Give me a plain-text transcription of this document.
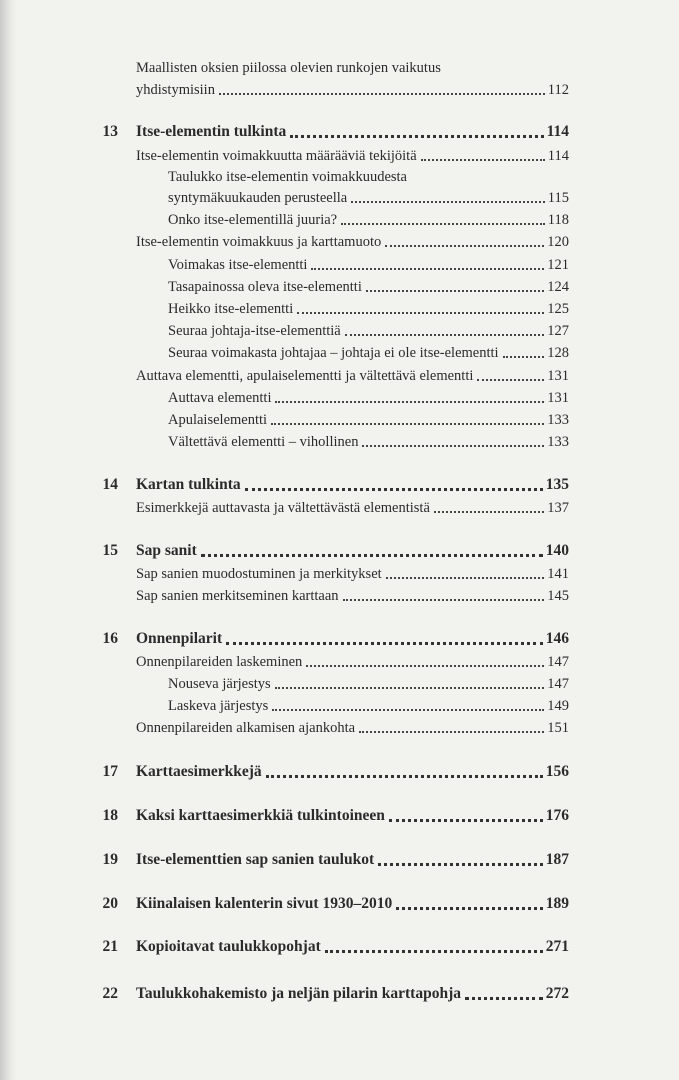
Maallisten oksien piilossa olevien runkojen vaikutus
yhdistymisiin	112
13 Itse-elementin tulkinta	114
Itse-elementin voimakkuutta määrääviä tekijöitä	114
Taulukko itse-elementin voimakkuudesta
syntymäkuukauden perusteella	115
Onko itse-elementillä juuria?	118
Itse-elementin voimakkuus ja karttamuoto	120
Voimakas itse-elementti	121
Tasapainossa oleva itse-elementti	124
Heikko itse-elementti	125
Seuraa johtaja-itse-elementtiä	127
Seuraa voimakasta johtajaa – johtaja ei ole itse-elementti	128
Auttava elementti, apulaiselementti ja vältettävä elementti	131
Auttava elementti	131
Apulaiselementti	133
Vältettävä elementti – vihollinen	133
14 Kartan tulkinta	135
Esimerkkejä auttavasta ja vältettävästä elementistä	137
15 Sap sanit	140
Sap sanien muodostuminen ja merkitykset	141
Sap sanien merkitseminen karttaan	145
16 Onnenpilarit	146
Onnenpilareiden laskeminen	147
Nouseva järjestys	147
Laskeva järjestys	149
Onnenpilareiden alkamisen ajankohta	151
17 Karttaesimerkkejä	156
18 Kaksi karttaesimerkkiä tulkintoineen	176
19 Itse-elementtien sap sanien taulukot	187
20 Kiinalaisen kalenterin sivut 1930–2010	189
21 Kopioitavat taulukkopohjat	271
22 Taulukkohakemisto ja neljän pilarin karttapohja	272
